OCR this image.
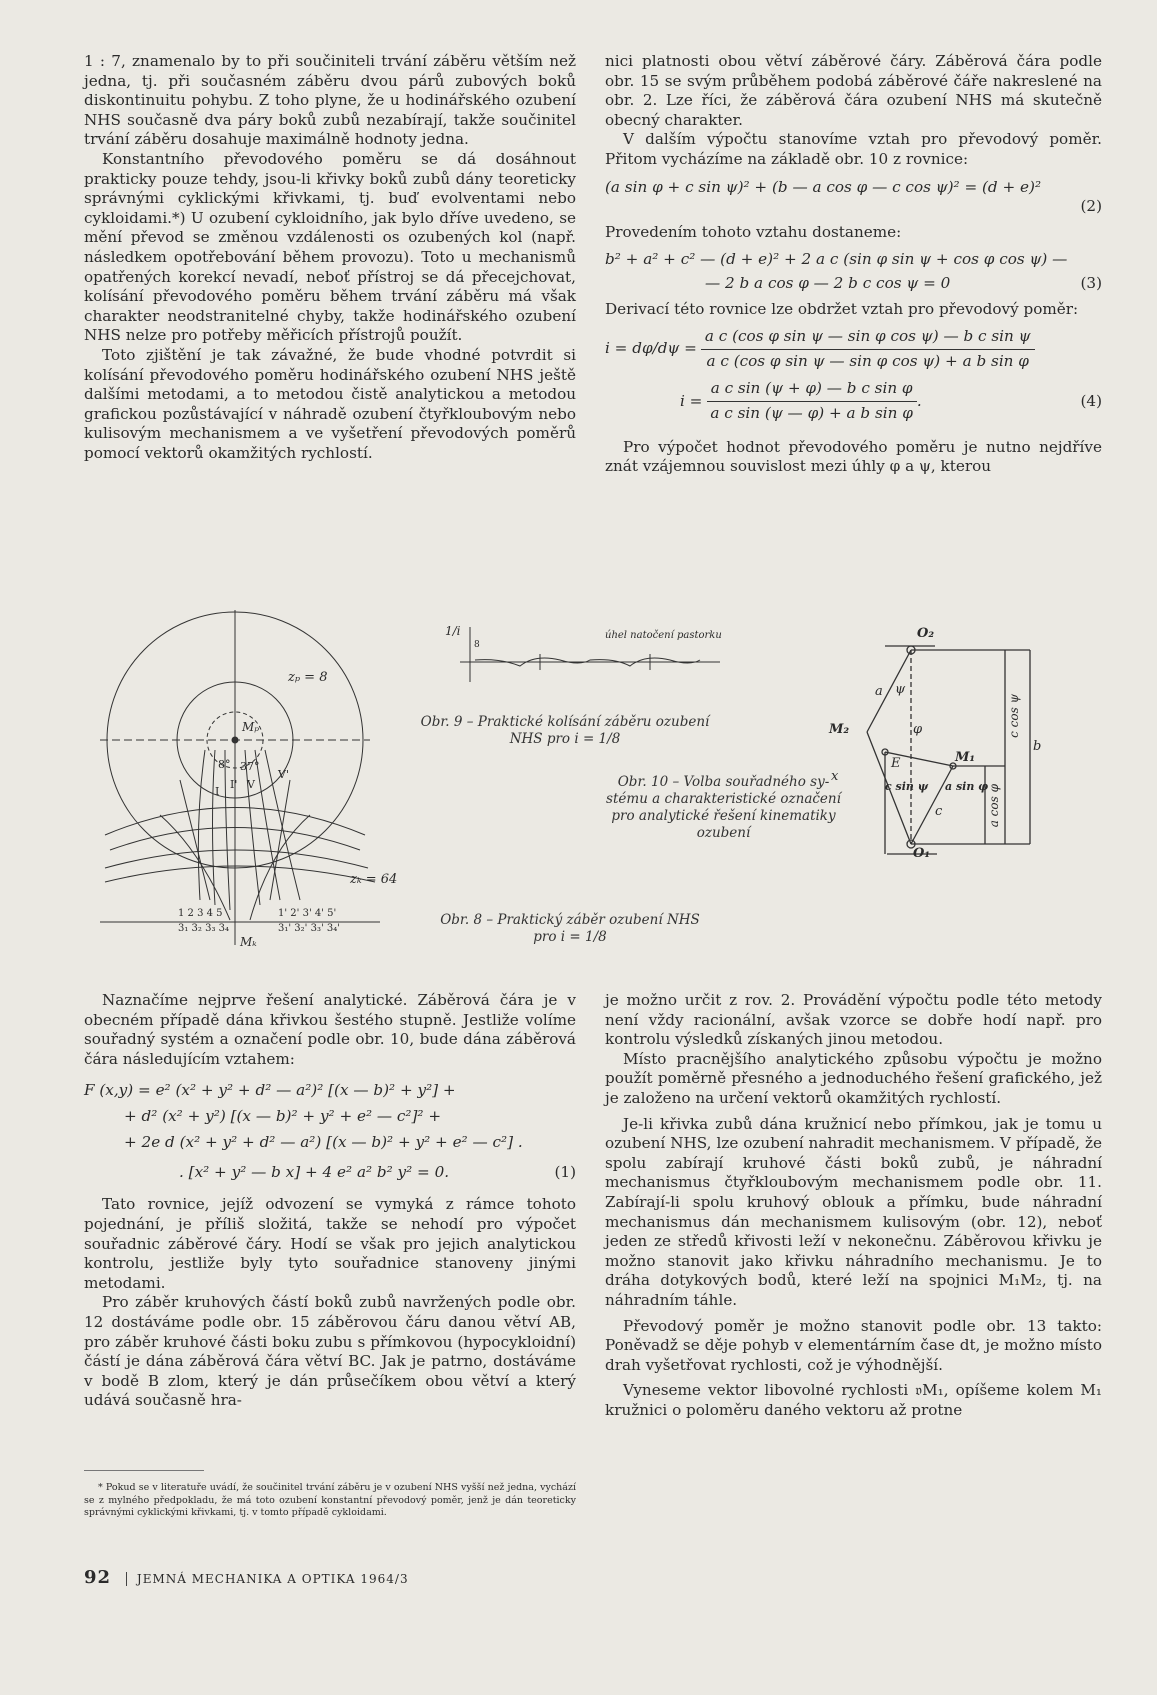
1 : 7, znamenalo by to při součiniteli trvání záběru větším než jedna, tj. při současném záběru dvou párů zubových boků diskontinuitu pohybu. Z toho plyne, že u hodinářského ozubení NHS současně dva páry boků zubů nezabírají, takže součinitel trvání záběru dosahuje maximálně hodnoty jedna.

Konstantního převodového poměru se dá dosáhnout prakticky pouze tehdy, jsou-li křivky boků zubů dány teoreticky správnými cyklickými křivkami, tj. buď evolventami nebo cykloidami.*) U ozubení cykloidního, jak bylo dříve uvedeno, se mění převod se změnou vzdálenosti os ozubených kol (např. následkem opotřebování během provozu). Toto u mechanismů opatřených korekcí nevadí, neboť přístroj se dá přecejchovat, kolísání převodového poměru během trvání záběru má však charakter neodstranitelné chyby, takže hodinářského ozubení NHS nelze pro potřeby měřicích přístrojů použít.

Toto zjištění je tak závažné, že bude vhodné potvrdit si kolísání převodového poměru hodinářského ozubení NHS ještě dalšími metodami, a to metodou čistě analytickou a metodou grafickou pozůstávající v náhradě ozubení čtyřkloubovým nebo kulisovým mechanismem a ve vyšetření převodových poměrů pomocí vektorů okamžitých rychlostí.

nici platnosti obou větví záběrové čáry. Záběrová čára podle obr. 15 se svým průběhem podobá záběrové čáře nakreslené na obr. 2. Lze říci, že záběrová čára ozubení NHS má skutečně obecný charakter.

V dalším výpočtu stanovíme vztah pro převodový poměr. Přitom vycházíme na základě obr. 10 z rovnice:

(a sin φ + c sin ψ)² + (b — a cos φ — c cos ψ)² = (d + e)²
(2)

Provedením tohoto vztahu dostaneme:

b² + a² + c² — (d + e)² + 2 a c (sin φ sin ψ + cos φ cos ψ) —
— 2 b a cos φ — 2 b c cos ψ = 0	(3)

Derivací této rovnice lze obdržet vztah pro převodový poměr:

$i = d\varphi/d\psi = \frac{\text{a c (cos φ sin ψ — sin φ cos ψ) — b c sin ψ}}{\text{a c (cos φ sin ψ — sin φ cos ψ) + a b sin φ}}$
$i = \frac{\text{a c sin (ψ + φ) — b c sin φ}}{\text{a c sin (ψ — φ) + a b sin φ}}$ .	(4)

Pro výpočet hodnot převodového poměru je nutno nejdříve znát vzájemnou souvislost mezi úhly φ a ψ, kterou

zₚ = 8
zₖ = 64
Mₚ
Mₖ
8° 37°
V
V'
I
I'
1 2 3 4 5	1' 2' 3' 4' 5'
3₁ 3₂ 3₃ 3₄	3₁' 3₂' 3₃' 3₄'
Obr. 8 – Praktický záběr ozubení NHS
pro i = 1/8
1/i
8
úhel natočení pastorku
Obr. 9 – Praktické kolísání záběru ozubení
NHS pro i = 1/8
O₂
O₁
M₂
M₁
E
ψ
φ
a
b
c
x
c cos ψ
a cos φ
c sin ψ a sin φ
Obr. 10 – Volba souřadného sy-
stému a charakteristické označení
pro analytické řešení kinematiky
ozubení

Naznačíme nejprve řešení analytické. Záběrová čára je v obecném případě dána křivkou šestého stupně. Jestliže volíme souřadný systém a označení podle obr. 10, bude dána záběrová čára následujícím vztahem:

F (x,y) = e² (x² + y² + d² — a²)² [(x — b)² + y²] +
+ d² (x² + y²) [(x — b)² + y² + e² — c²]² +
+ 2e d (x² + y² + d² — a²) [(x — b)² + y² + e² — c²] .
. [x² + y² — b x] + 4 e² a² b² y² = 0.	(1)

Tato rovnice, jejíž odvození se vymyká z rámce tohoto pojednání, je příliš složitá, takže se nehodí pro výpočet souřadnic záběrové čáry. Hodí se však pro jejich analytickou kontrolu, jestliže byly tyto souřadnice stanoveny jinými metodami.

Pro záběr kruhových částí boků zubů navržených podle obr. 12 dostáváme podle obr. 15 záběrovou čáru danou větví AB, pro záběr kruhové části boku zubu s přímkovou (hypocykloidní) částí je dána záběrová čára větví BC. Jak je patrno, dostáváme v bodě B zlom, který je dán průsečíkem obou větví a který udává současně hra-

je možno určit z rov. 2. Provádění výpočtu podle této metody není vždy racionální, avšak vzorce se dobře hodí např. pro kontrolu výsledků získaných jinou metodou.

Místo pracnějšího analytického způsobu výpočtu je možno použít poměrně přesného a jednoduchého řešení grafického, jež je založeno na určení vektorů okamžitých rychlostí.

Je-li křivka zubů dána kružnicí nebo přímkou, jak je tomu u ozubení NHS, lze ozubení nahradit mechanismem. V případě, že spolu zabírají kruhové části boků zubů, je náhradní mechanismus čtyřkloubovým mechanismem podle obr. 11. Zabírají-li spolu kruhový oblouk a přímku, bude náhradní mechanismus dán mechanismem kulisovým (obr. 12), neboť jeden ze středů křivosti leží v nekonečnu. Záběrovou křivku je možno stanovit jako křivku náhradního mechanismu. Je to dráha dotykových bodů, které leží na spojnici M₁M₂, tj. na náhradním táhle.

Převodový poměr je možno stanovit podle obr. 13 takto: Poněvadž se děje pohyb v elementárním čase dt, je možno místo drah vyšetřovat rychlosti, což je výhodnější.

Vyneseme vektor libovolné rychlosti 𝔳M₁, opíšeme kolem M₁ kružnici o poloměru daného vektoru až protne

* Pokud se v literatuře uvádí, že součinitel trvání záběru je v ozubení NHS vyšší než jedna, vychází se z mylného předpokladu, že má toto ozubení konstantní převodový poměr, jenž je dán teoreticky správnými cyklickými křivkami, tj. v tomto případě cykloidami.

92 JEMNÁ MECHANIKA A OPTIKA 1964/3
